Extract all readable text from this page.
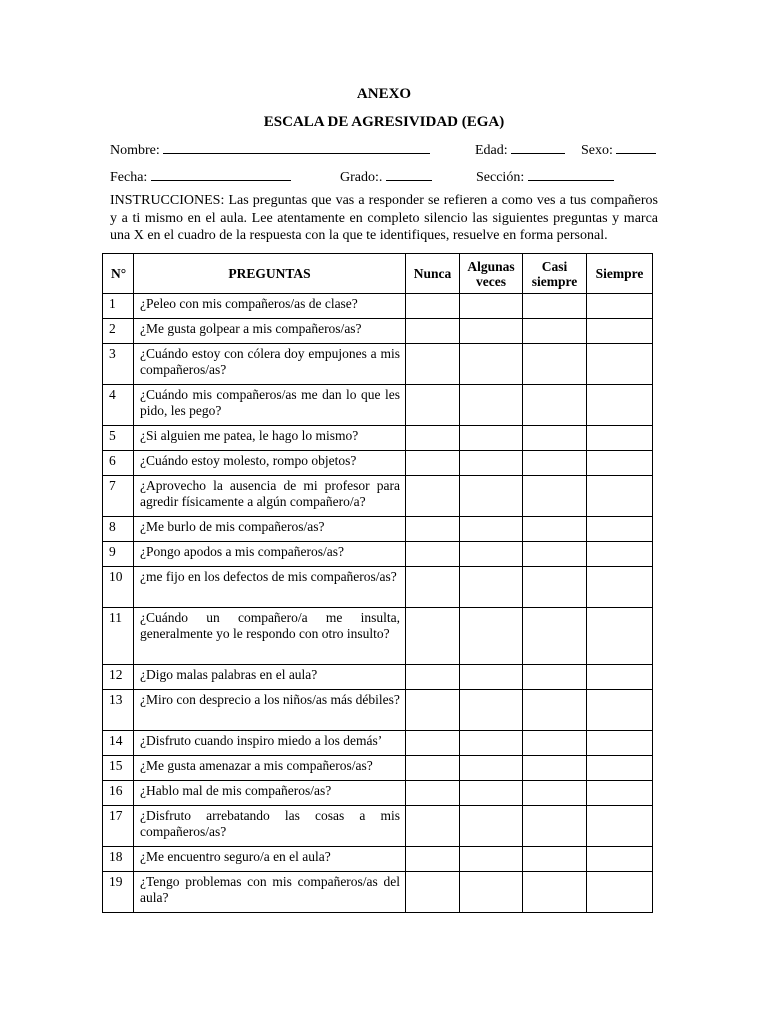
ANEXO
ESCALA DE AGRESIVIDAD (EGA)
Nombre:	Edad:	Sexo:
Fecha:	Grado:.	Sección:
INSTRUCCIONES: Las preguntas que vas a responder se refieren a como ves a tus compañeros y a ti mismo en el aula. Lee atentamente en completo silencio las siguientes preguntas y marca una X en el cuadro de la respuesta con la que te identifiques, resuelve en forma personal.
N°	PREGUNTAS	Nunca	Algunas veces	Casi siempre	Siempre
1	¿Peleo con mis compañeros/as de clase?				
2	¿Me gusta golpear a mis compañeros/as?				
3	¿Cuándo estoy con cólera doy empujones a mis compañeros/as?				
4	¿Cuándo mis compañeros/as me dan lo que les pido, les pego?				
5	¿Si alguien me patea, le hago lo mismo?				
6	¿Cuándo estoy molesto, rompo objetos?				
7	¿Aprovecho la ausencia de mi profesor para agredir físicamente a algún compañero/a?				
8	¿Me burlo de mis compañeros/as?				
9	¿Pongo apodos a mis compañeros/as?				
10	¿me fijo en los defectos de mis compañeros/as?				
11	¿Cuándo un compañero/a me insulta, generalmente yo le respondo con otro insulto?				
12	¿Digo malas palabras en el aula?				
13	¿Miro con desprecio a los niños/as más débiles?				
14	¿Disfruto cuando inspiro miedo a los demás’				
15	¿Me gusta amenazar a mis compañeros/as?				
16	¿Hablo mal de mis compañeros/as?				
17	¿Disfruto arrebatando las cosas a mis compañeros/as?				
18	¿Me encuentro seguro/a en el aula?				
19	¿Tengo problemas con mis compañeros/as del aula?				
